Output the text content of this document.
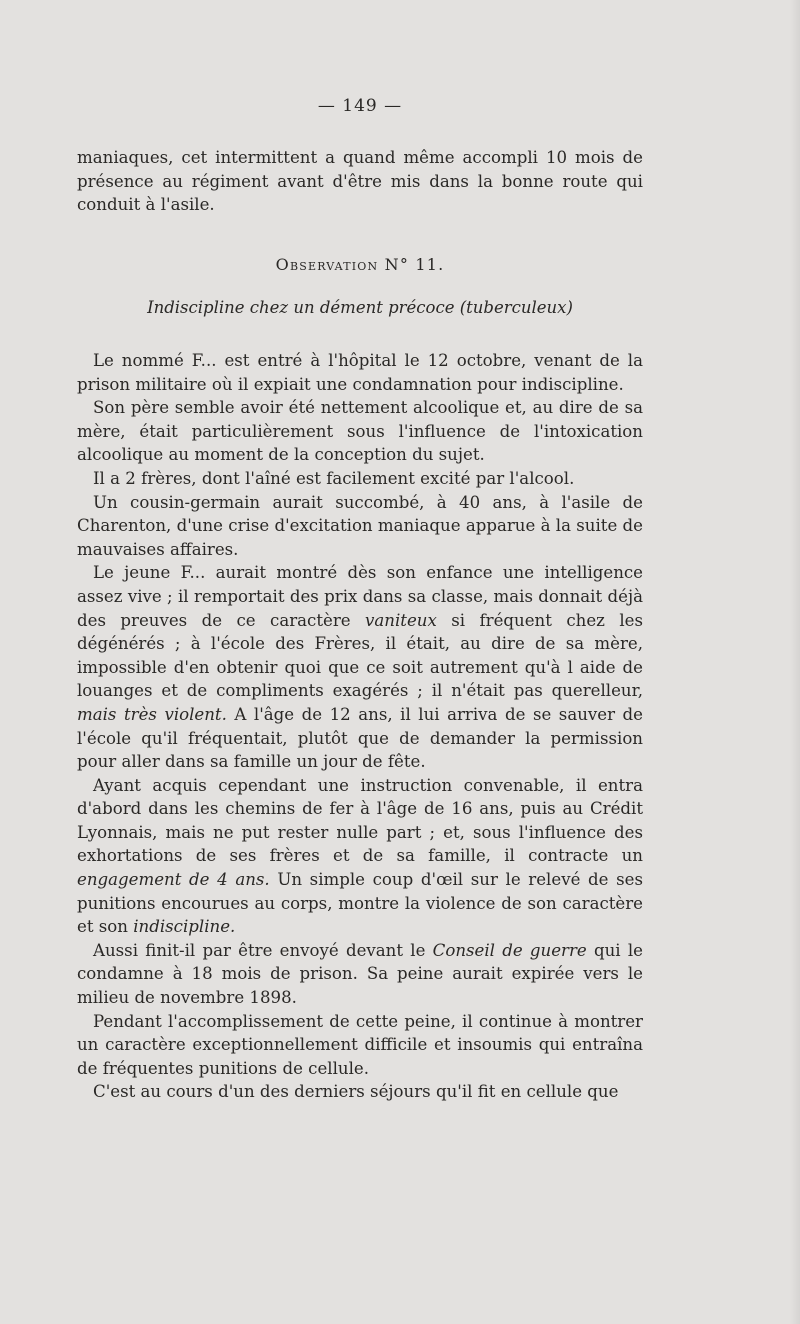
— 149 —

maniaques, cet intermittent a quand même accompli 10 mois de présence au régiment avant d'être mis dans la bonne route qui conduit à l'asile.

Observation N° 11.
Indiscipline chez un dément précoce (tuberculeux)

Le nommé F... est entré à l'hôpital le 12 octobre, venant de la prison militaire où il expiait une condamnation pour indiscipline.

Son père semble avoir été nettement alcoolique et, au dire de sa mère, était particulièrement sous l'influence de l'intoxication alcoolique au moment de la conception du sujet.

Il a 2 frères, dont l'aîné est facilement excité par l'alcool.

Un cousin-germain aurait succombé, à 40 ans, à l'asile de Charenton, d'une crise d'excitation maniaque apparue à la suite de mauvaises affaires.

Le jeune F... aurait montré dès son enfance une intelligence assez vive ; il remportait des prix dans sa classe, mais donnait déjà des preuves de ce caractère vaniteux si fréquent chez les dégénérés ; à l'école des Frères, il était, au dire de sa mère, impossible d'en obtenir quoi que ce soit autrement qu'à l aide de louanges et de compliments exagérés ; il n'était pas querelleur, mais très violent. A l'âge de 12 ans, il lui arriva de se sauver de l'école qu'il fréquentait, plutôt que de demander la permission pour aller dans sa famille un jour de fête.

Ayant acquis cependant une instruction convenable, il entra d'abord dans les chemins de fer à l'âge de 16 ans, puis au Crédit Lyonnais, mais ne put rester nulle part ; et, sous l'influence des exhortations de ses frères et de sa famille, il contracte un engagement de 4 ans. Un simple coup d'œil sur le relevé de ses punitions encourues au corps, montre la violence de son caractère et son indiscipline.

Aussi finit-il par être envoyé devant le Conseil de guerre qui le condamne à 18 mois de prison. Sa peine aurait expirée vers le milieu de novembre 1898.

Pendant l'accomplissement de cette peine, il continue à montrer un caractère exceptionnellement difficile et insoumis qui entraîna de fréquentes punitions de cellule.

C'est au cours d'un des derniers séjours qu'il fit en cellule que
